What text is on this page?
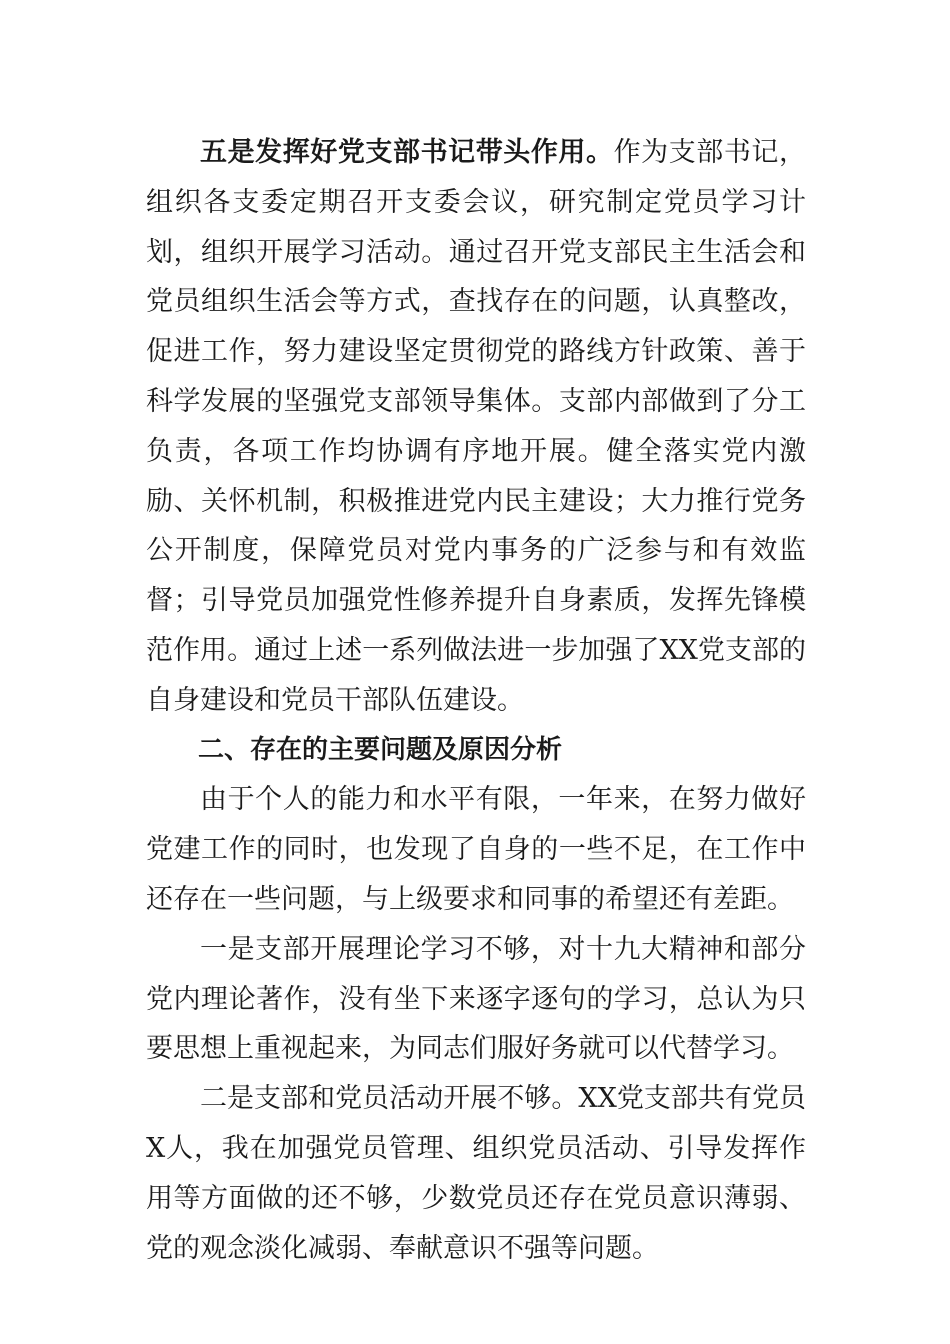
五是发挥好党支部书记带头作用。作为支部书记，组织各支委定期召开支委会议，研究制定党员学习计划，组织开展学习活动。通过召开党支部民主生活会和党员组织生活会等方式，查找存在的问题，认真整改，促进工作，努力建设坚定贯彻党的路线方针政策、善于科学发展的坚强党支部领导集体。支部内部做到了分工负责，各项工作均协调有序地开展。健全落实党内激励、关怀机制，积极推进党内民主建设；大力推行党务公开制度，保障党员对党内事务的广泛参与和有效监督；引导党员加强党性修养提升自身素质，发挥先锋模范作用。通过上述一系列做法进一步加强了XX党支部的自身建设和党员干部队伍建设。

二、存在的主要问题及原因分析

由于个人的能力和水平有限，一年来，在努力做好党建工作的同时，也发现了自身的一些不足，在工作中还存在一些问题，与上级要求和同事的希望还有差距。

一是支部开展理论学习不够，对十九大精神和部分党内理论著作，没有坐下来逐字逐句的学习，总认为只要思想上重视起来，为同志们服好务就可以代替学习。

二是支部和党员活动开展不够。XX党支部共有党员X人，我在加强党员管理、组织党员活动、引导发挥作用等方面做的还不够，少数党员还存在党员意识薄弱、党的观念淡化减弱、奉献意识不强等问题。
